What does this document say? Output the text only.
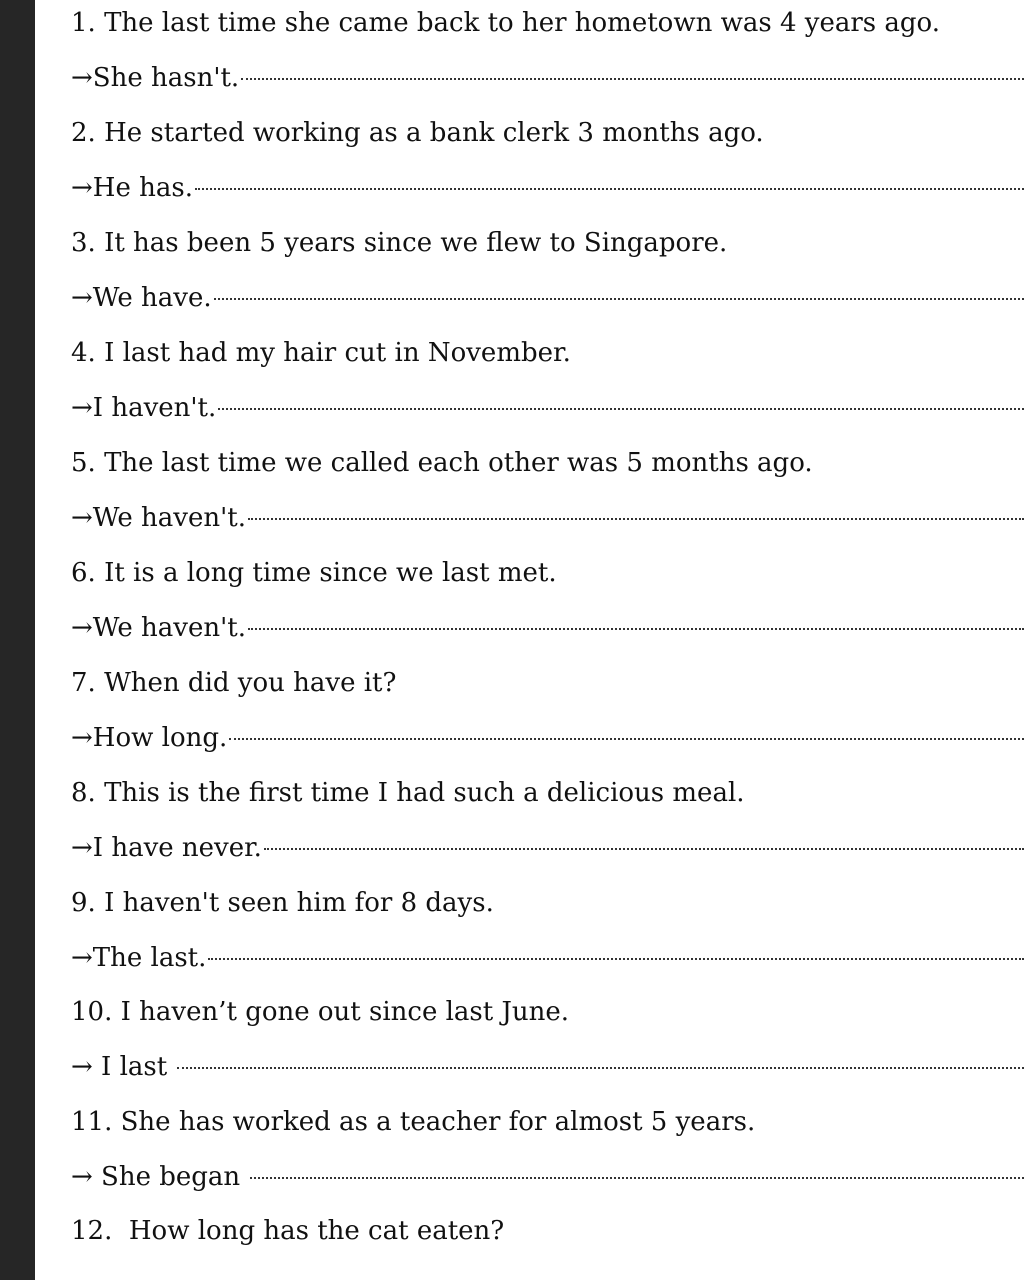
1. The last time she came back to her hometown was 4 years ago.
→She hasn't.
2. He started working as a bank clerk 3 months ago.
→He has.
3. It has been 5 years since we flew to Singapore.
→We have.
4. I last had my hair cut in November.
→I haven't.
5. The last time we called each other was 5 months ago.
→We haven't.
6. It is a long time since we last met.
→We haven't.
7. When did you have it?
→How long.
8. This is the first time I had such a delicious meal.
→I have never.
9. I haven't seen him for 8 days.
→The last.
10. I haven’t gone out since last June.
→ I last
11. She has worked as a teacher for almost 5 years.
→ She began
12.  How long has the cat eaten?
